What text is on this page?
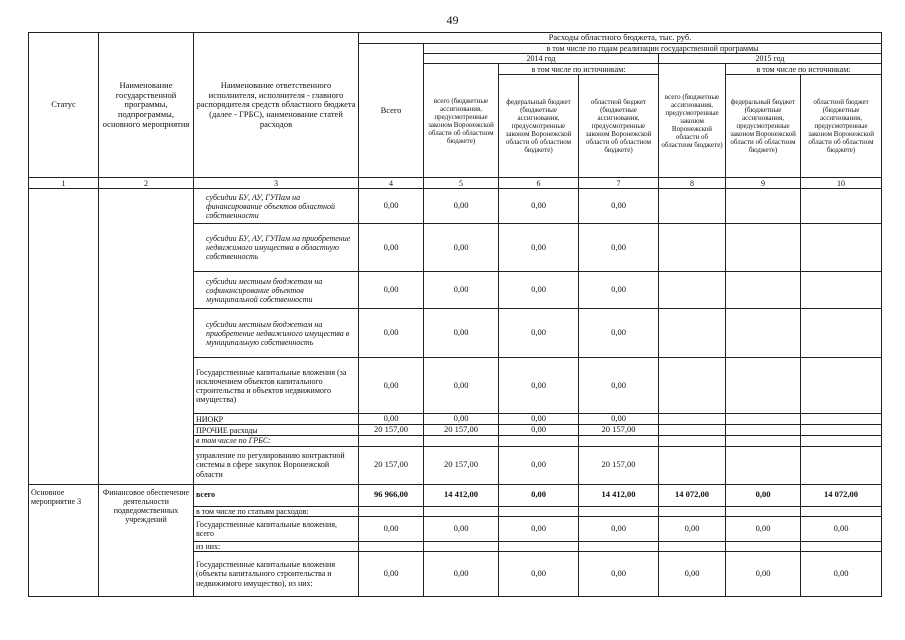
49
Статус	Наименование государственной программы, подпрограммы, основного мероприятия	Наименование ответственного исполнителя, исполнителя - главного распорядителя средств областного бюджета (далее - ГРБС), наименование статей расходов	Расходы областного бюджета, тыс. руб.						
			Всего	в том числе по годам реализации государственной программы					
				2014 год			2015 год		
				всего (бюджетные ассигнования, предусмотренные законом Воронежской области об областном бюджете)	в том числе по источникам:		всего (бюджетные ассигнования, предусмотренные законом Воронежской области об областном бюджете)	в том числе по источникам:	
					федеральный бюджет (бюджетные ассигнования, предусмотренные законом Воронежской области об областном бюджете)	областной бюджет (бюджетные ассигнования, предусмотренные законом Воронежской области об областном бюджете)		федеральный бюджет (бюджетные ассигнования, предусмотренные законом Воронежской области об областном бюджете)	областной бюджет (бюджетные ассигнования, предусмотренные законом Воронежской области об областном бюджете)
1	2	3	4	5	6	7	8	9	10
		субсидии БУ, АУ, ГУПам на финансирование объектов областной собственности	0,00	0,00	0,00	0,00			
		субсидии БУ, АУ, ГУПам на приобретение недвижимого имущества в областную собственность	0,00	0,00	0,00	0,00			
		субсидии местным бюджетам на софинансирование объектов муниципальной собственности	0,00	0,00	0,00	0,00			
		субсидии местным бюджетам на приобретение недвижимого имущества в муниципальную собственность	0,00	0,00	0,00	0,00			
		Государственные капитальные вложения (за исключением объектов капитального строительства и объектов недвижимого имущества)	0,00	0,00	0,00	0,00			
		НИОКР	0,00	0,00	0,00	0,00			
		ПРОЧИЕ расходы	20 157,00	20 157,00	0,00	20 157,00			
		в том числе по ГРБС:							
		управление по регулированию контрактной системы в сфере закупок Воронежской области	20 157,00	20 157,00	0,00	20 157,00			
Основное мероприятие 3	Финансовое обеспечение деятельности подведомственных учреждений	всего	96 966,00	14 412,00	0,00	14 412,00	14 072,00	0,00	14 072,00
		в том числе по статьям расходов:							
		Государственные капитальные вложения, всего	0,00	0,00	0,00	0,00	0,00	0,00	0,00
		из них:							
		Государственные капитальные вложения (объекты капитального строительства и недвижимого имущество), из них:	0,00	0,00	0,00	0,00	0,00	0,00	0,00
